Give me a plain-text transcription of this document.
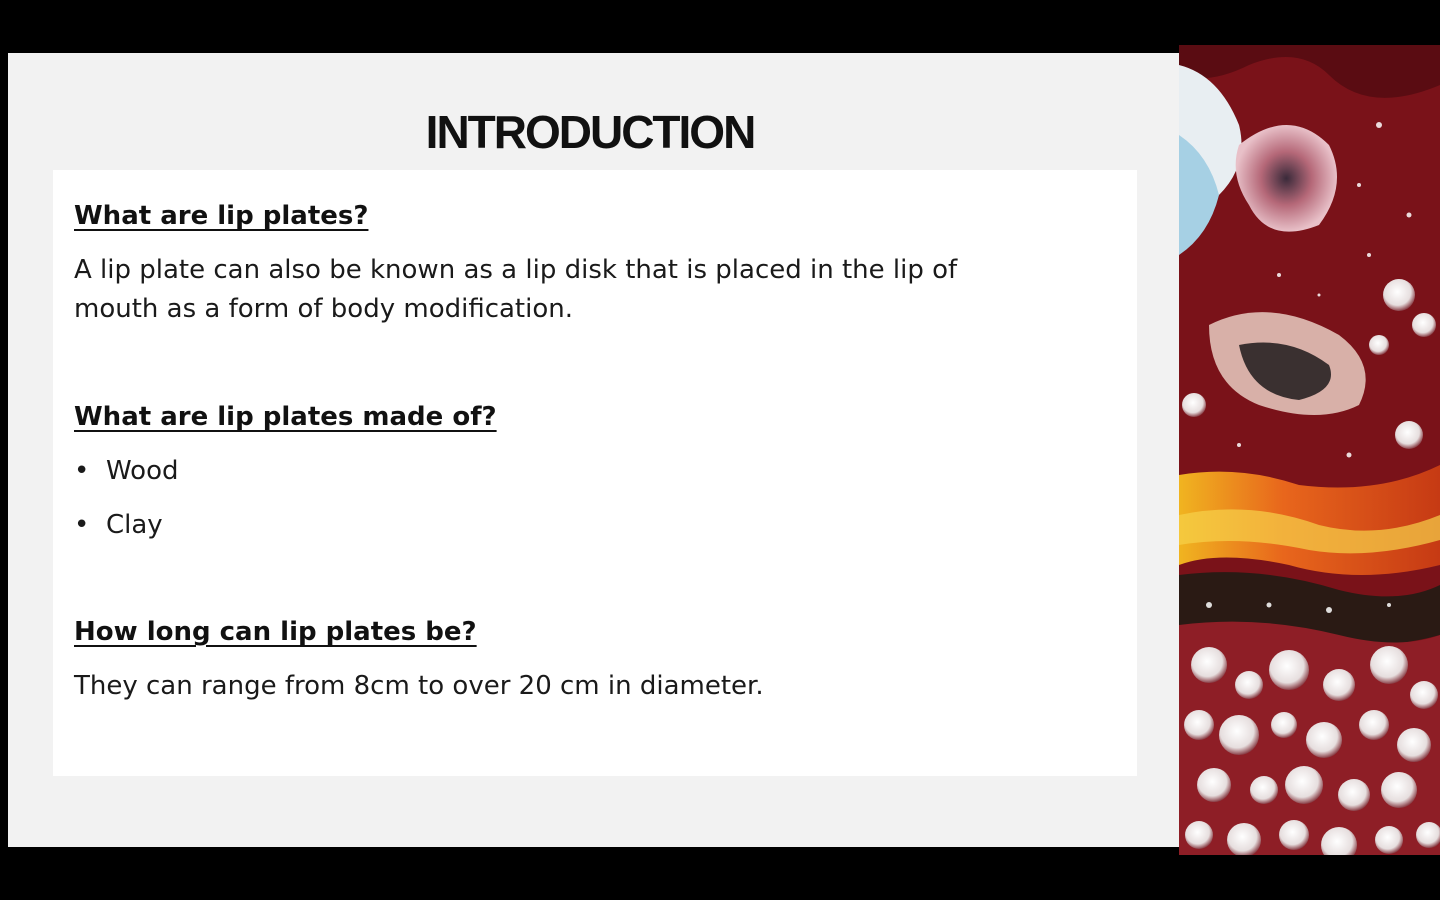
INTRODUCTION
What are lip plates?
A lip plate can also be known as a lip disk that is placed in the lip of
mouth as a form of body modification.
What are lip plates made of?
• Wood
• Clay
How long can lip plates be?
They can range from 8cm to over 20 cm in diameter.
